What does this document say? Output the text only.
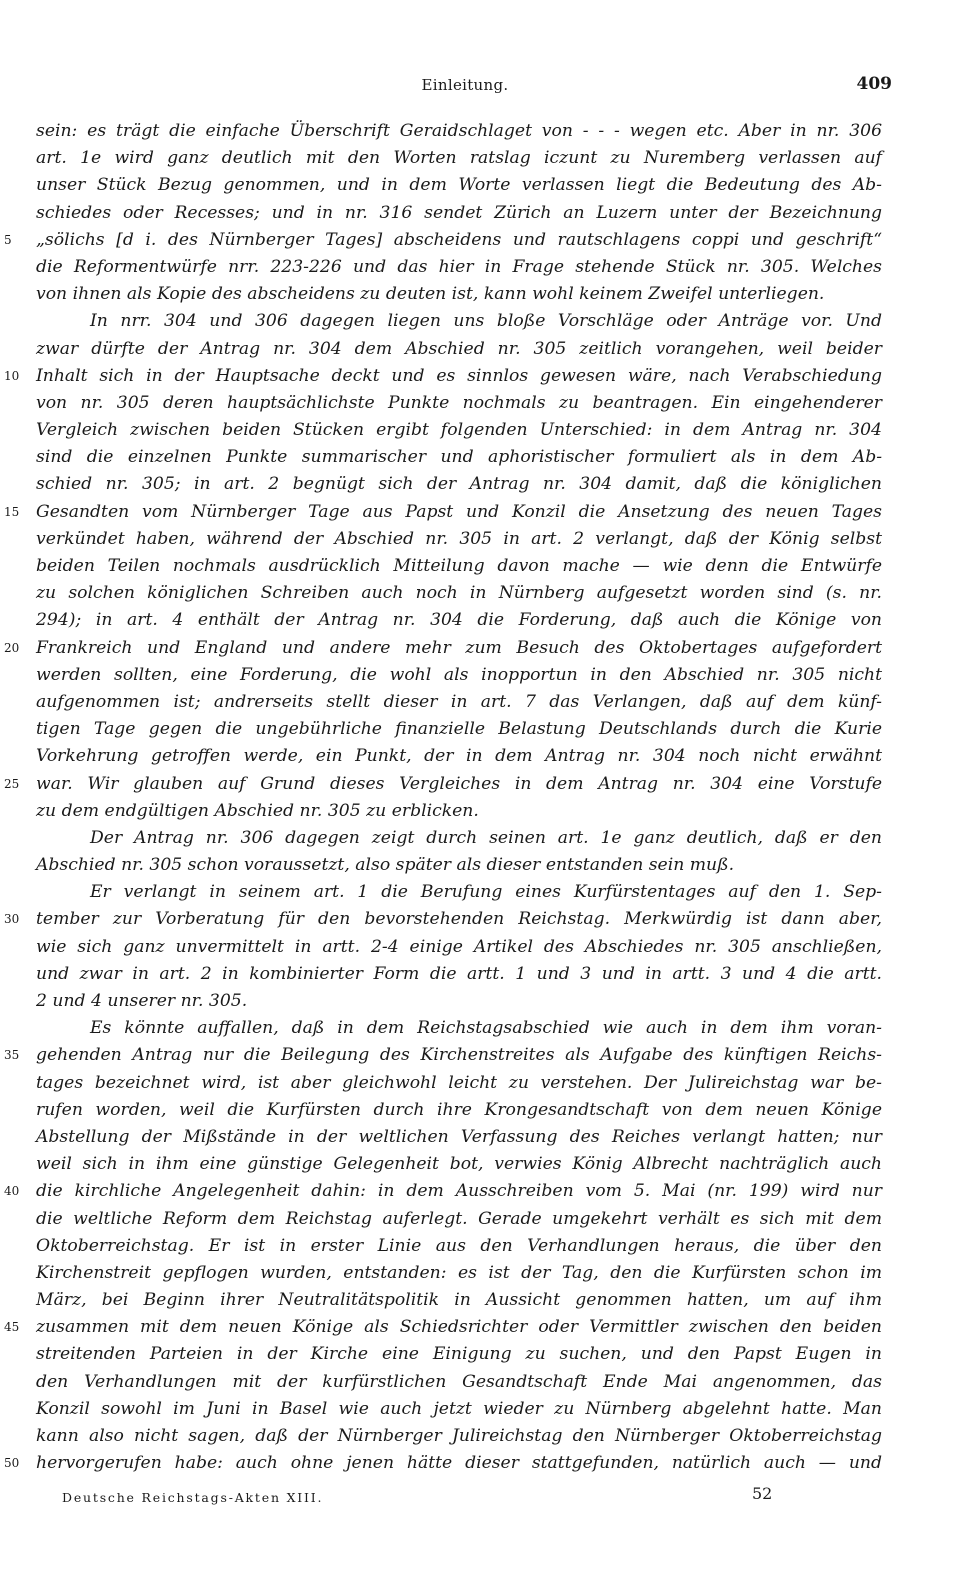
Einleitung.	409
sein: es trägt die einfache Überschrift Geraidschlaget von - - - wegen etc. Aber in nr. 306
art. 1e wird ganz deutlich mit den Worten ratslag iczunt zu Nuremberg verlassen auf
unser Stück Bezug genommen, und in dem Worte verlassen liegt die Bedeutung des Ab-
schiedes oder Recesses; und in nr. 316 sendet Zürich an Luzern unter der Bezeichnung
5	„sölichs [d i. des Nürnberger Tages] abscheidens und rautschlagens coppi und geschrift“
die Reformentwürfe nrr. 223-226 und das hier in Frage stehende Stück nr. 305. Welches
von ihnen als Kopie des abscheidens zu deuten ist, kann wohl keinem Zweifel unterliegen.
In nrr. 304 und 306 dagegen liegen uns bloße Vorschläge oder Anträge vor. Und
zwar dürfte der Antrag nr. 304 dem Abschied nr. 305 zeitlich vorangehen, weil beider
10 Inhalt sich in der Hauptsache deckt und es sinnlos gewesen wäre, nach Verabschiedung
von nr. 305 deren hauptsächlichste Punkte nochmals zu beantragen. Ein eingehenderer
Vergleich zwischen beiden Stücken ergibt folgenden Unterschied: in dem Antrag nr. 304
sind die einzelnen Punkte summarischer und aphoristischer formuliert als in dem Ab-
schied nr. 305; in art. 2 begnügt sich der Antrag nr. 304 damit, daß die königlichen
15 Gesandten vom Nürnberger Tage aus Papst und Konzil die Ansetzung des neuen Tages
verkündet haben, während der Abschied nr. 305 in art. 2 verlangt, daß der König selbst
beiden Teilen nochmals ausdrücklich Mitteilung davon mache — wie denn die Entwürfe
zu solchen königlichen Schreiben auch noch in Nürnberg aufgesetzt worden sind (s. nr.
294); in art. 4 enthält der Antrag nr. 304 die Forderung, daß auch die Könige von
20 Frankreich und England und andere mehr zum Besuch des Oktobertages aufgefordert
werden sollten, eine Forderung, die wohl als inopportun in den Abschied nr. 305 nicht
aufgenommen ist; andrerseits stellt dieser in art. 7 das Verlangen, daß auf dem künf-
tigen Tage gegen die ungebührliche finanzielle Belastung Deutschlands durch die Kurie
Vorkehrung getroffen werde, ein Punkt, der in dem Antrag nr. 304 noch nicht erwähnt
25 war. Wir glauben auf Grund dieses Vergleiches in dem Antrag nr. 304 eine Vorstufe
zu dem endgültigen Abschied nr. 305 zu erblicken.
Der Antrag nr. 306 dagegen zeigt durch seinen art. 1e ganz deutlich, daß er den
Abschied nr. 305 schon voraussetzt, also später als dieser entstanden sein muß.
Er verlangt in seinem art. 1 die Berufung eines Kurfürstentages auf den 1. Sep-
30 tember zur Vorberatung für den bevorstehenden Reichstag. Merkwürdig ist dann aber,
wie sich ganz unvermittelt in artt. 2-4 einige Artikel des Abschiedes nr. 305 anschließen,
und zwar in art. 2 in kombinierter Form die artt. 1 und 3 und in artt. 3 und 4 die artt.
2 und 4 unserer nr. 305.
Es könnte auffallen, daß in dem Reichstagsabschied wie auch in dem ihm voran-
35 gehenden Antrag nur die Beilegung des Kirchenstreites als Aufgabe des künftigen Reichs-
tages bezeichnet wird, ist aber gleichwohl leicht zu verstehen. Der Julireichstag war be-
rufen worden, weil die Kurfürsten durch ihre Krongesandtschaft von dem neuen Könige
Abstellung der Mißstände in der weltlichen Verfassung des Reiches verlangt hatten; nur
weil sich in ihm eine günstige Gelegenheit bot, verwies König Albrecht nachträglich auch
40 die kirchliche Angelegenheit dahin: in dem Ausschreiben vom 5. Mai (nr. 199) wird nur
die weltliche Reform dem Reichstag auferlegt. Gerade umgekehrt verhält es sich mit dem
Oktoberreichstag. Er ist in erster Linie aus den Verhandlungen heraus, die über den
Kirchenstreit gepflogen wurden, entstanden: es ist der Tag, den die Kurfürsten schon im
März, bei Beginn ihrer Neutralitätspolitik in Aussicht genommen hatten, um auf ihm
45 zusammen mit dem neuen Könige als Schiedsrichter oder Vermittler zwischen den beiden
streitenden Parteien in der Kirche eine Einigung zu suchen, und den Papst Eugen in
den Verhandlungen mit der kurfürstlichen Gesandtschaft Ende Mai angenommen, das
Konzil sowohl im Juni in Basel wie auch jetzt wieder zu Nürnberg abgelehnt hatte. Man
kann also nicht sagen, daß der Nürnberger Julireichstag den Nürnberger Oktoberreichstag
50 hervorgerufen habe: auch ohne jenen hätte dieser stattgefunden, natürlich auch — und
Deutsche Reichstags-Akten XIII.	52
